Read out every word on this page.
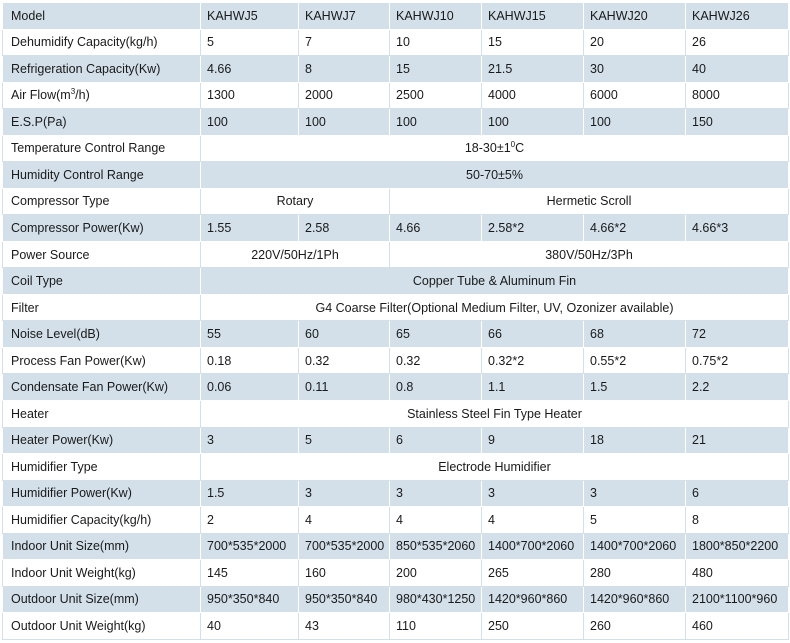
Model	KAHWJ5	KAHWJ7	KAHWJ10	KAHWJ15	KAHWJ20	KAHWJ26
Dehumidify Capacity(kg/h)	5	7	10	15	20	26
Refrigeration Capacity(Kw)	4.66	8	15	21.5	30	40
Air $Flow(m^3/h)$	1300	2000	2500	4000	6000	8000
E.S.P(Pa)	100	100	100	100	100	150
Temperature Control Range	$18-30\pm 1^0C$					
Humidity Control Range	50-70±5%					
Compressor Type	Rotary		Hermetic Scroll			
Compressor Power(Kw)	1.55	2.58	4.66	2.58*2	4.66*2	4.66*3
Power Source	220V/50Hz/1Ph		380V/50Hz/3Ph			
Coil Type	Copper Tube & Aluminum Fin					
Filter	G4 Coarse Filter(Optional Medium Filter, UV, Ozonizer available)					
Noise Level(dB)	55	60	65	66	68	72
Process Fan Power(Kw)	0.18	0.32	0.32	0.32*2	0.55*2	0.75*2
Condensate Fan Power(Kw)	0.06	0.11	0.8	1.1	1.5	2.2
Heater	Stainless Steel Fin Type Heater					
Heater Power(Kw)	3	5	6	9	18	21
Humidifier Type	Electrode Humidifier					
Humidifier Power(Kw)	1.5	3	3	3	3	6
Humidifier Capacity(kg/h)	2	4	4	4	5	8
Indoor Unit Size(mm)	700*535*2000	700*535*2000	850*535*2060	1400*700*2060	1400*700*2060	1800*850*2200
Indoor Unit Weight(kg)	145	160	200	265	280	480
Outdoor Unit Size(mm)	950*350*840	950*350*840	980*430*1250	1420*960*860	1420*960*860	2100*1100*960
Outdoor Unit Weight(kg)	40	43	110	250	260	460
